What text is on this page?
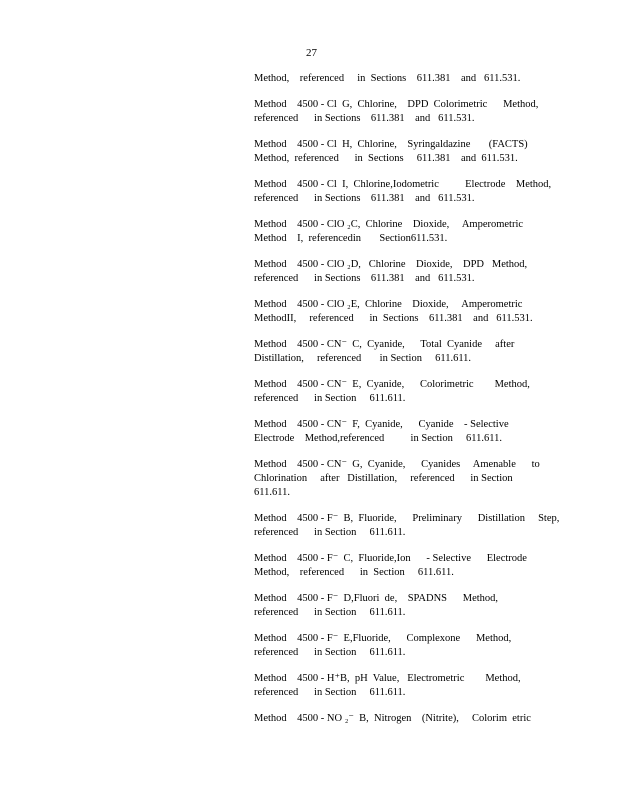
27
Method,    referenced     in  Sections    611.381    and   611.531.
Method    4500 - Cl  G,  Chlorine,    DPD  Colorimetric      Method,
referenced      in Sections    611.381    and   611.531.
Method    4500 - Cl  H,  Chlorine,    Syringaldazine       (FACTS)
Method,  referenced      in  Sections     611.381    and  611.531.
Method    4500 - Cl  I,  Chlorine,Iodometric          Electrode    Method,
referenced      in Sections    611.381    and   611.531.
Method    4500 - ClO ₂C,  Chlorine    Dioxide,     Amperometric
Method    I,  referencedin       Section611.531.
Method    4500 - ClO ₂D,   Chlorine    Dioxide,    DPD   Method,
referenced      in Sections    611.381    and   611.531.
Method    4500 - ClO ₂E,  Chlorine    Dioxide,     Amperometric
MethodII,     referenced      in  Sections    611.381    and   611.531.
Method    4500 - CN⁻  C,  Cyanide,      Total  Cyanide     after
Distillation,     referenced       in Section     611.611.
Method    4500 - CN⁻  E,  Cyanide,      Colorimetric        Method,
referenced      in Section     611.611.
Method    4500 - CN⁻  F,  Cyanide,      Cyanide    - Selective
Electrode    Method,referenced          in Section     611.611.
Method    4500 - CN⁻  G,  Cyanide,      Cyanides     Amenable      to
Chlorination     after   Distillation,     referenced      in Section
611.611.
Method    4500 - F⁻  B,  Fluoride,      Preliminary      Distillation     Step,
referenced      in Section     611.611.
Method    4500 - F⁻  C,  Fluoride,Ion      - Selective      Electrode
Method,    referenced      in  Section     611.611.
Method    4500 - F⁻  D,Fluori  de,    SPADNS      Method,
referenced      in Section     611.611.
Method    4500 - F⁻  E,Fluoride,      Complexone      Method,
referenced      in Section     611.611.
Method    4500 - H⁺B,  pH  Value,   Electrometric        Method,
referenced      in Section     611.611.
Method    4500 - NO ₂⁻  B,  Nitrogen    (Nitrite),     Colorim  etric
